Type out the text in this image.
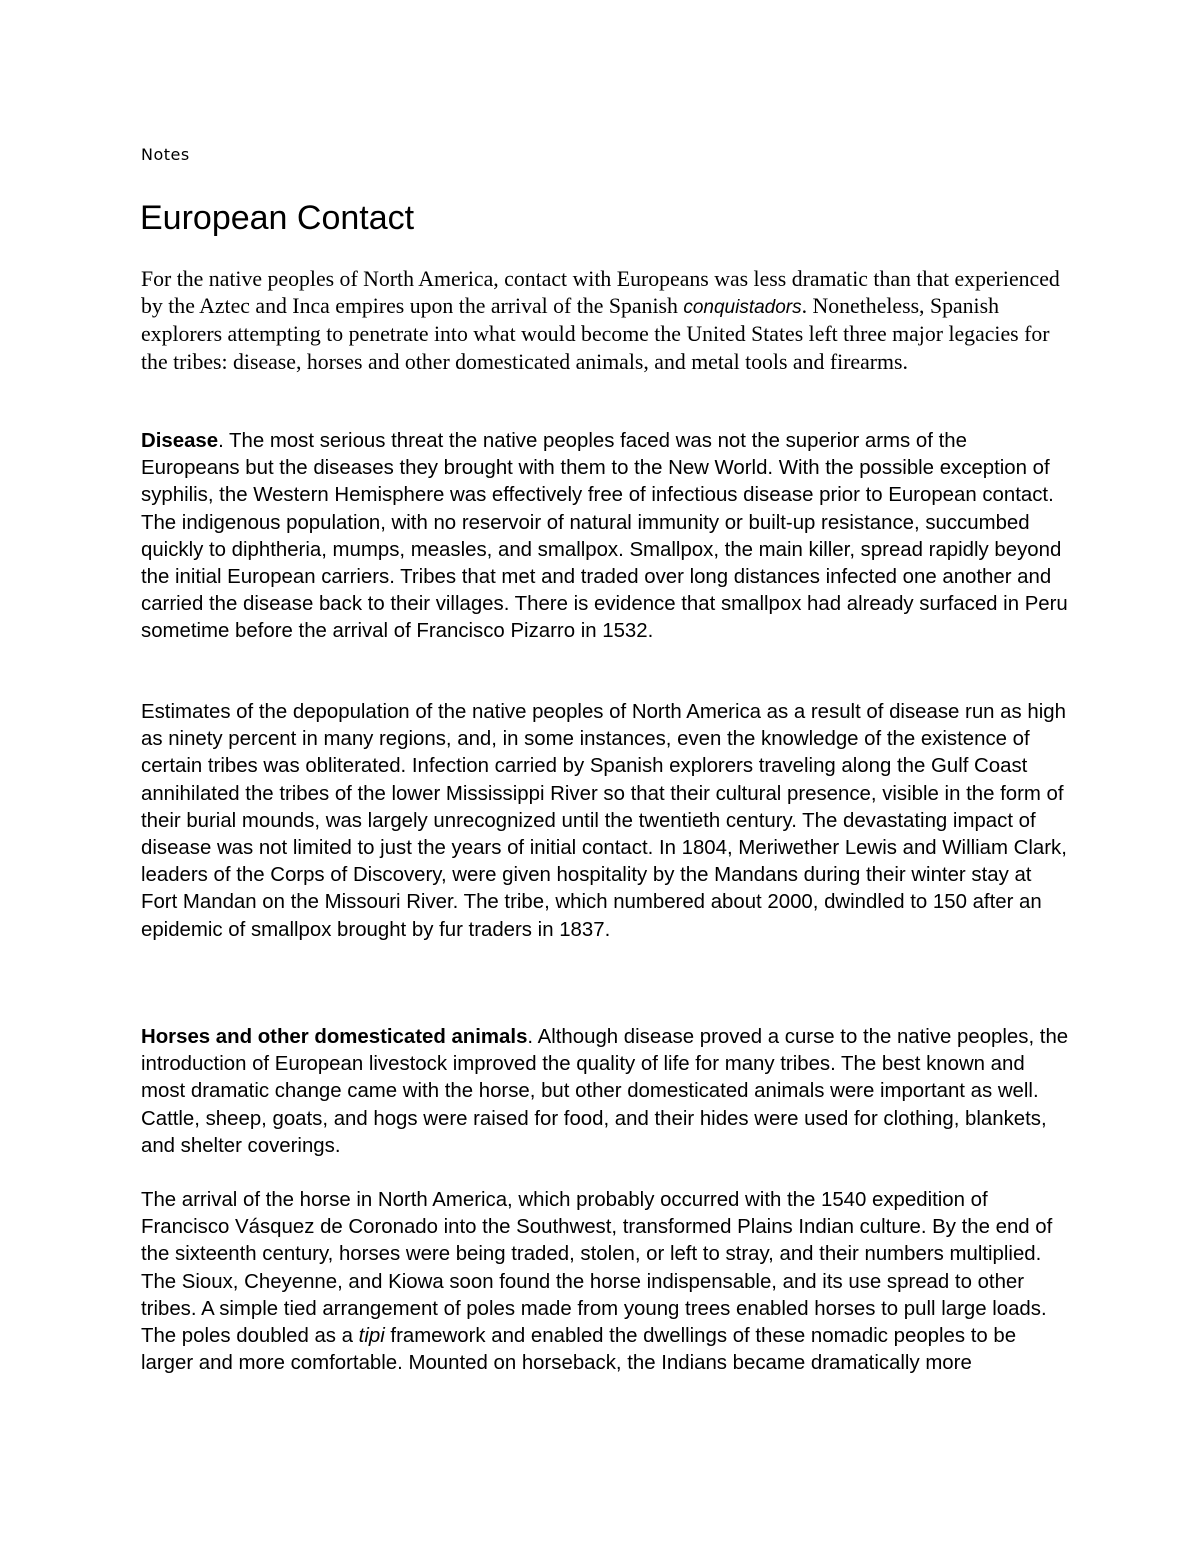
Notes
European Contact

For the native peoples of North America, contact with Europeans was less dramatic than that experienced by the Aztec and Inca empires upon the arrival of the Spanish conquistadors. Nonetheless, Spanish explorers attempting to penetrate into what would become the United States left three major legacies for the tribes: disease, horses and other domesticated animals, and metal tools and firearms.

Disease. The most serious threat the native peoples faced was not the superior arms of the Europeans but the diseases they brought with them to the New World. With the possible exception of syphilis, the Western Hemisphere was effectively free of infectious disease prior to European contact. The indigenous population, with no reservoir of natural immunity or built-up resistance, succumbed quickly to diphtheria, mumps, measles, and smallpox. Smallpox, the main killer, spread rapidly beyond the initial European carriers. Tribes that met and traded over long distances infected one another and carried the disease back to their villages. There is evidence that smallpox had already surfaced in Peru sometime before the arrival of Francisco Pizarro in 1532.

Estimates of the depopulation of the native peoples of North America as a result of disease run as high as ninety percent in many regions, and, in some instances, even the knowledge of the existence of certain tribes was obliterated. Infection carried by Spanish explorers traveling along the Gulf Coast annihilated the tribes of the lower Mississippi River so that their cultural presence, visible in the form of their burial mounds, was largely unrecognized until the twentieth century. The devastating impact of disease was not limited to just the years of initial contact. In 1804, Meriwether Lewis and William Clark, leaders of the Corps of Discovery, were given hospitality by the Mandans during their winter stay at Fort Mandan on the Missouri River. The tribe, which numbered about 2000, dwindled to 150 after an epidemic of smallpox brought by fur traders in 1837.

Horses and other domesticated animals. Although disease proved a curse to the native peoples, the introduction of European livestock improved the quality of life for many tribes. The best known and most dramatic change came with the horse, but other domesticated animals were important as well. Cattle, sheep, goats, and hogs were raised for food, and their hides were used for clothing, blankets, and shelter coverings.

The arrival of the horse in North America, which probably occurred with the 1540 expedition of Francisco Vásquez de Coronado into the Southwest, transformed Plains Indian culture. By the end of the sixteenth century, horses were being traded, stolen, or left to stray, and their numbers multiplied. The Sioux, Cheyenne, and Kiowa soon found the horse indispensable, and its use spread to other tribes. A simple tied arrangement of poles made from young trees enabled horses to pull large loads. The poles doubled as a tipi framework and enabled the dwellings of these nomadic peoples to be larger and more comfortable. Mounted on horseback, the Indians became dramatically more
